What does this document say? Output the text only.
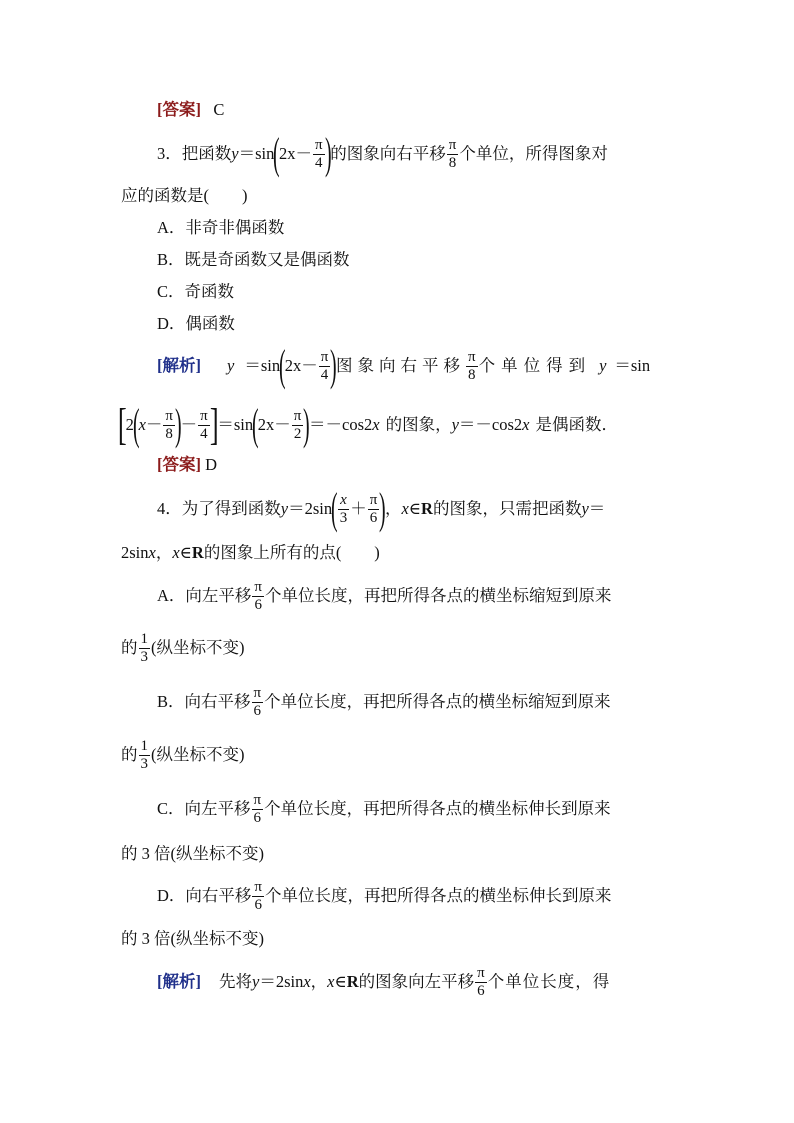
[答案] C
3．把函数 y ＝sin ( $2x - \frac{\pi}{4}$ ) 的图象向右平移 $\frac{\pi}{8}$ 个单位，所得图象对
应的函数是(　　)
A．非奇非偶函数
B．既是奇函数又是偶函数
C．奇函数
D．偶函数
[解析] y ＝sin ( $2x - \frac{\pi}{4}$ ) 图象向右平移 $\frac{\pi}{8}$ 个单位得到 y ＝sin
[
2 ( $x - \frac{\pi}{8}$ ) － $\frac{\pi}{4}$ ]
＝sin ( $2x - \frac{\pi}{2}$ ) ＝－cos2 x 的图象， y ＝－cos2 x 是偶函数．
[答案] D
4．为了得到函数 y ＝2sin ( $\frac{x}{3} + \frac{\pi}{6}$ ) ， x∈ R 的图象，只需把函数 y ＝
2sinx，x∈R的图象上所有的点(　　)
A．向左平移 $\frac{\pi}{6}$ 个单位长度，再把所得各点的横坐标缩短到原来
的 $\frac{1}{3}$ (纵坐标不变)
B．向右平移 $\frac{\pi}{6}$ 个单位长度，再把所得各点的横坐标缩短到原来
的 $\frac{1}{3}$ (纵坐标不变)
C．向左平移 $\frac{\pi}{6}$ 个单位长度，再把所得各点的横坐标伸长到原来
的 3 倍(纵坐标不变)
D．向右平移 $\frac{\pi}{6}$ 个单位长度，再把所得各点的横坐标伸长到原来
的 3 倍(纵坐标不变)
[解析] 先将 y ＝2sin x ， x∈ R 的图象向左平移 $\frac{\pi}{6}$ 个单位长度，得
